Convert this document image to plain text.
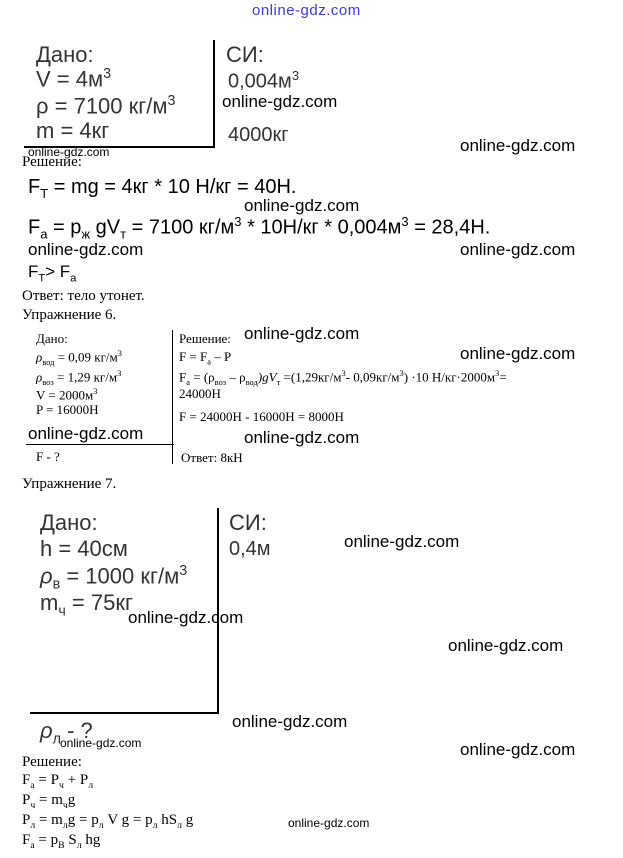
online-gdz.com
Дано:
$V = 4м^3$
ρ = 7100 $кг/м^3$
m = 4кг
СИ:
$0,004м^3$
4000кг
online-gdz.com
online-gdz.com
online-gdz.com
Решение:
$F_T$ = mg = 4кг * 10 Н/кг = 40Н.
online-gdz.com
$F_a = p_ж$ $gV_т = 7100$ $кг/м^3 * 10Н/кг * 0,004м^3 = 28,4Н$.
online-gdz.com	online-gdz.com
$F_T> F_a$
Ответ: тело утонет.
Упражнение 6.
Дано:
$\rho_{вод} = 0,09$ $кг/м^3$
$\rho_{воз} = 1,29$ $кг/м^3$
$V = 2000м^3$
P = 16000Н
F - ?
Решение:
$F = F_a - P$
$F_a = (\rho_{воз} - \rho_{вод})gV_т =(1,29кг/м^3-$ $0,09кг/м^3) \cdot 10$ $Н/кг\cdot 2000м^3=$
24000Н
F = 24000Н - 16000Н = 8000Н
Ответ: 8кН
online-gdz.com
online-gdz.com
online-gdz.com	online-gdz.com
Упражнение 7.
Дано:
h = 40см
$\rho_в = 1000$ $кг/м^3$
$m_ч = 75кг$
$\rho_л$ - ?
СИ:
0,4м	online-gdz.com
online-gdz.com
online-gdz.com
online-gdz.com
online-gdz.com
online-gdz.com
Решение:
$F_a = P_ч + P_л$
$P_ч = m_чg$
$P_л = m_лg = p_л$ V $g = p_л$ $hS_л$ g
$F_a = p_B$ $S_л$ hg
online-gdz.com
